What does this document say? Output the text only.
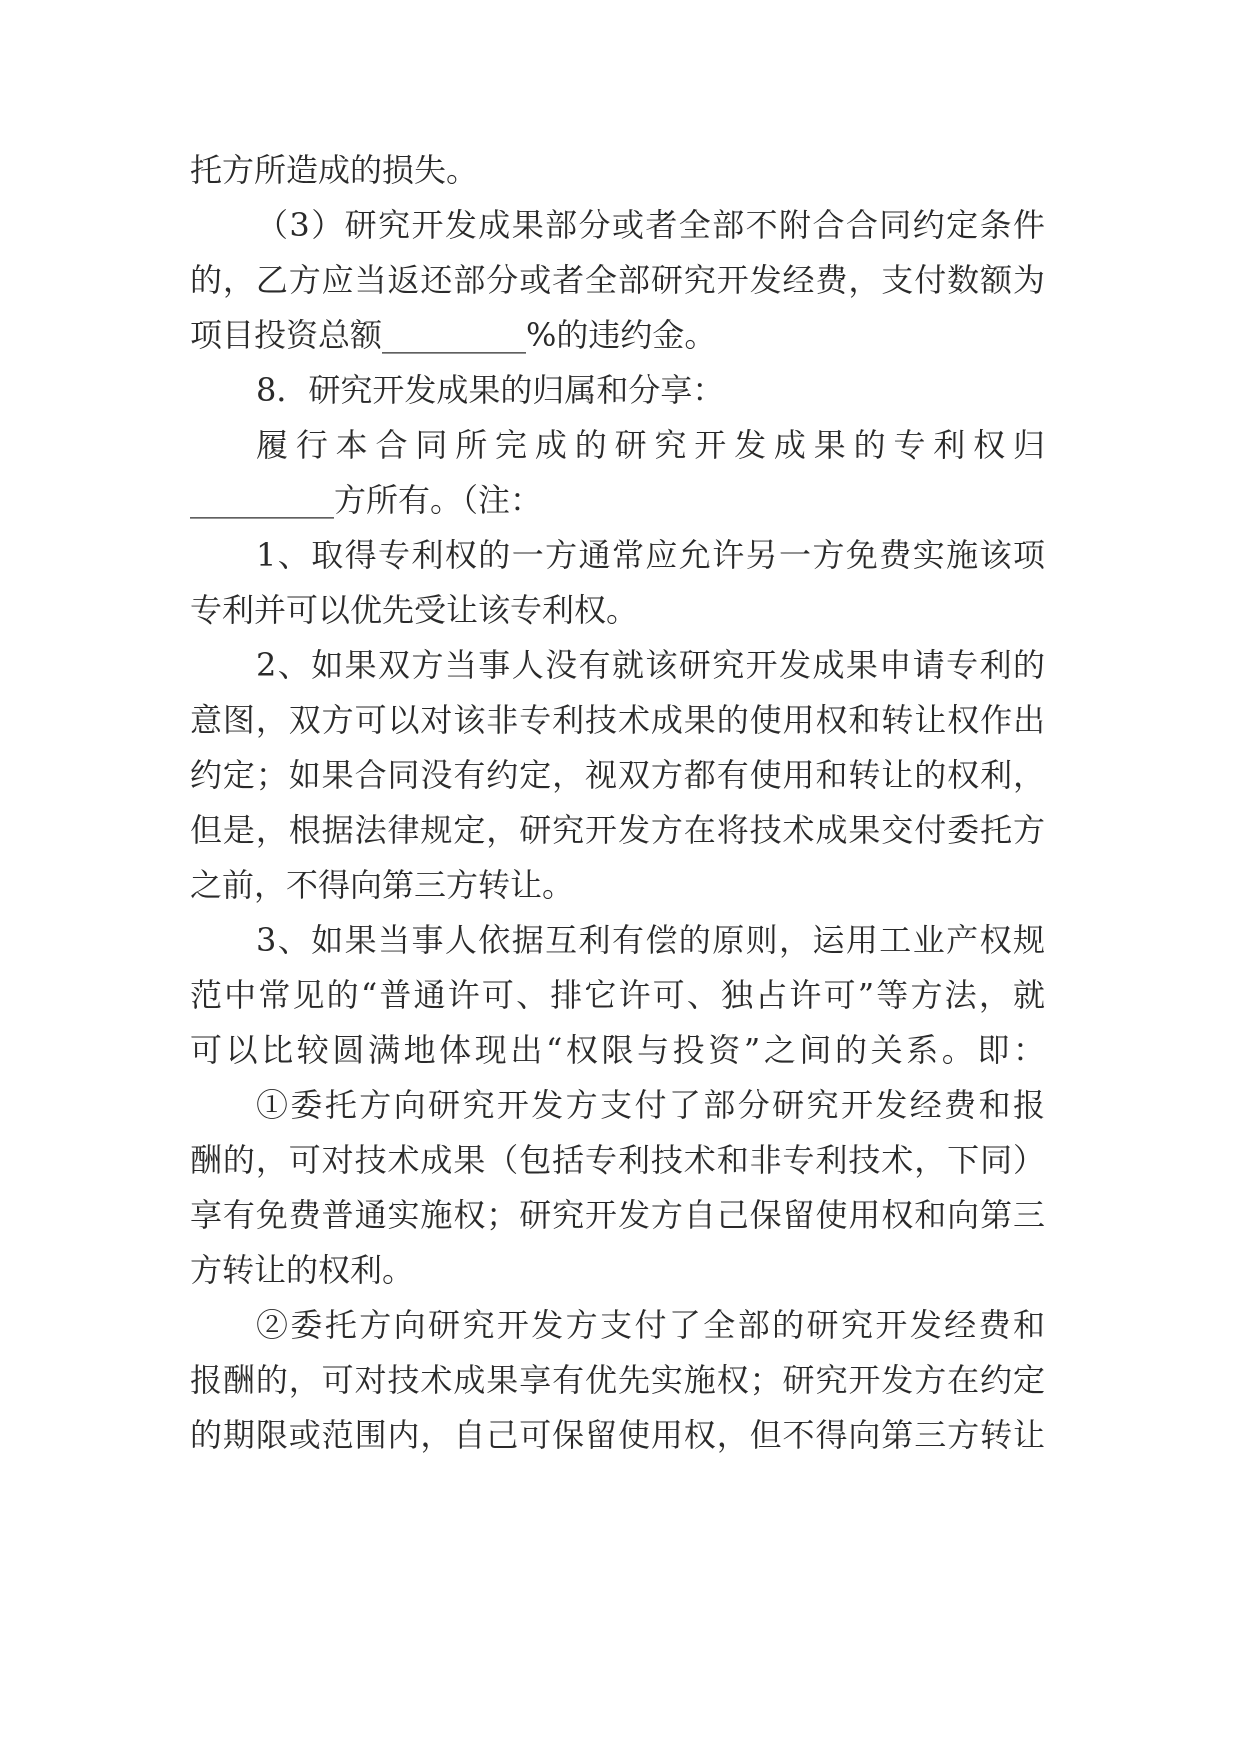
托方所造成的损失。
（3）研究开发成果部分或者全部不附合合同约定条件
的，乙方应当返还部分或者全部研究开发经费，支付数额为
项目投资总额_________%的违约金。
8．研究开发成果的归属和分享：
履行本合同所完成的研究开发成果的专利权归
_________方所有。（注：
1、取得专利权的一方通常应允许另一方免费实施该项
专利并可以优先受让该专利权。
2、如果双方当事人没有就该研究开发成果申请专利的
意图，双方可以对该非专利技术成果的使用权和转让权作出
约定；如果合同没有约定，视双方都有使用和转让的权利，
但是，根据法律规定，研究开发方在将技术成果交付委托方
之前，不得向第三方转让。
3、如果当事人依据互利有偿的原则，运用工业产权规
范中常见的“普通许可、排它许可、独占许可”等方法，就
可以比较圆满地体现出“权限与投资”之间的关系。即：
①委托方向研究开发方支付了部分研究开发经费和报
酬的，可对技术成果（包括专利技术和非专利技术，下同）
享有免费普通实施权；研究开发方自己保留使用权和向第三
方转让的权利。
②委托方向研究开发方支付了全部的研究开发经费和
报酬的，可对技术成果享有优先实施权；研究开发方在约定
的期限或范围内，自己可保留使用权，但不得向第三方转让
